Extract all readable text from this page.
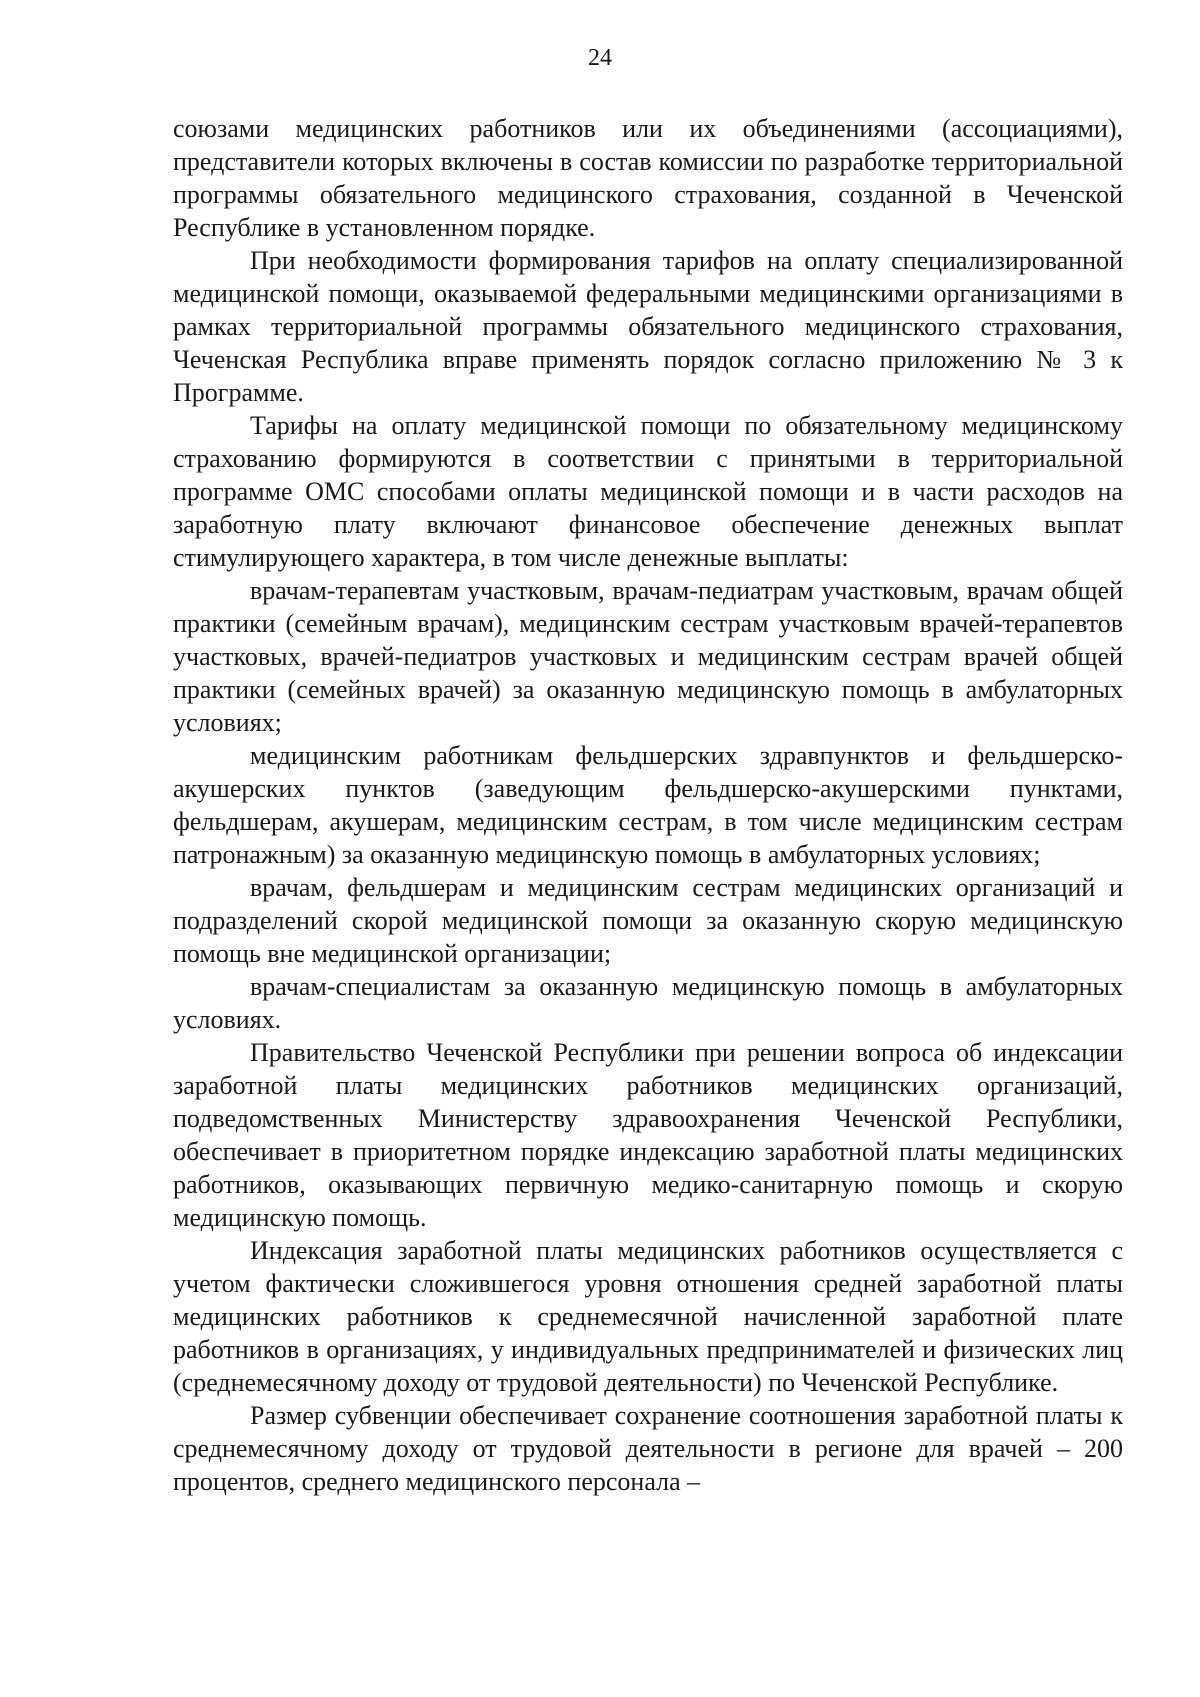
24

союзами медицинских работников или их объединениями (ассоциациями), представители которых включены в состав комиссии по разработке территориальной программы обязательного медицинского страхования, созданной в Чеченской Республике в установленном порядке.

При необходимости формирования тарифов на оплату специализированной медицинской помощи, оказываемой федеральными медицинскими организациями в рамках территориальной программы обязательного медицинского страхования, Чеченская Республика вправе применять порядок согласно приложению № 3 к Программе.

Тарифы на оплату медицинской помощи по обязательному медицинскому страхованию формируются в соответствии с принятыми в территориальной программе ОМС способами оплаты медицинской помощи и в части расходов на заработную плату включают финансовое обеспечение денежных выплат стимулирующего характера, в том числе денежные выплаты:

врачам-терапевтам участковым, врачам-педиатрам участковым, врачам общей практики (семейным врачам), медицинским сестрам участковым врачей-терапевтов участковых, врачей-педиатров участковых и медицинским сестрам врачей общей практики (семейных врачей) за оказанную медицинскую помощь в амбулаторных условиях;

медицинским работникам фельдшерских здравпунктов и фельдшерско-акушерских пунктов (заведующим фельдшерско-акушерскими пунктами, фельдшерам, акушерам, медицинским сестрам, в том числе медицинским сестрам патронажным) за оказанную медицинскую помощь в амбулаторных условиях;

врачам, фельдшерам и медицинским сестрам медицинских организаций и подразделений скорой медицинской помощи за оказанную скорую медицинскую помощь вне медицинской организации;

врачам-специалистам за оказанную медицинскую помощь в амбулаторных условиях.

Правительство Чеченской Республики при решении вопроса об индексации заработной платы медицинских работников медицинских организаций, подведомственных Министерству здравоохранения Чеченской Республики, обеспечивает в приоритетном порядке индексацию заработной платы медицинских работников, оказывающих первичную медико-санитарную помощь и скорую медицинскую помощь.

Индексация заработной платы медицинских работников осуществляется с учетом фактически сложившегося уровня отношения средней заработной платы медицинских работников к среднемесячной начисленной заработной плате работников в организациях, у индивидуальных предпринимателей и физических лиц (среднемесячному доходу от трудовой деятельности) по Чеченской Республике.

Размер субвенции обеспечивает сохранение соотношения заработной платы к среднемесячному доходу от трудовой деятельности в регионе для врачей – 200 процентов, среднего медицинского персонала –
